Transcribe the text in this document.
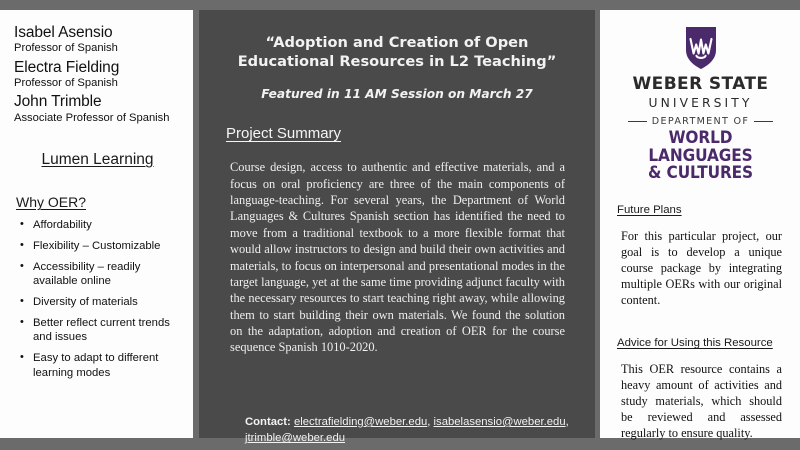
Isabel Asensio
Professor of Spanish
Electra Fielding
Professor of Spanish
John Trimble
Associate Professor of Spanish
Lumen Learning
Why OER?
• Affordability
• Flexibility – Customizable
• Accessibility – readily available online
• Diversity of materials
• Better reflect current trends and issues
• Easy to adapt to different learning modes
“Adoption and Creation of Open Educational Resources in L2 Teaching”
Featured in 11 AM Session on March 27
Project Summary
Course design, access to authentic and effective materials, and a focus on oral proficiency are three of the main components of language-teaching. For several years, the Department of World Languages & Cultures Spanish section has identified the need to move from a traditional textbook to a more flexible format that would allow instructors to design and build their own activities and materials, to focus on interpersonal and presentational modes in the target language, yet at the same time providing adjunct faculty with the necessary resources to start teaching right away, while allowing them to start building their own materials. We found the solution on the adaptation, adoption and creation of OER for the course sequence Spanish 1010-2020.
Contact: electrafielding@weber.edu, isabelasensio@weber.edu, jtrimble@weber.edu
WEBER STATE
UNIVERSITY
DEPARTMENT OF
WORLD LANGUAGES
& CULTURES
Future Plans
For this particular project, our goal is to develop a unique course package by integrating multiple OERs with our original content.
Advice for Using this Resource
This OER resource contains a heavy amount of activities and study materials, which should be reviewed and assessed regularly to ensure quality.
